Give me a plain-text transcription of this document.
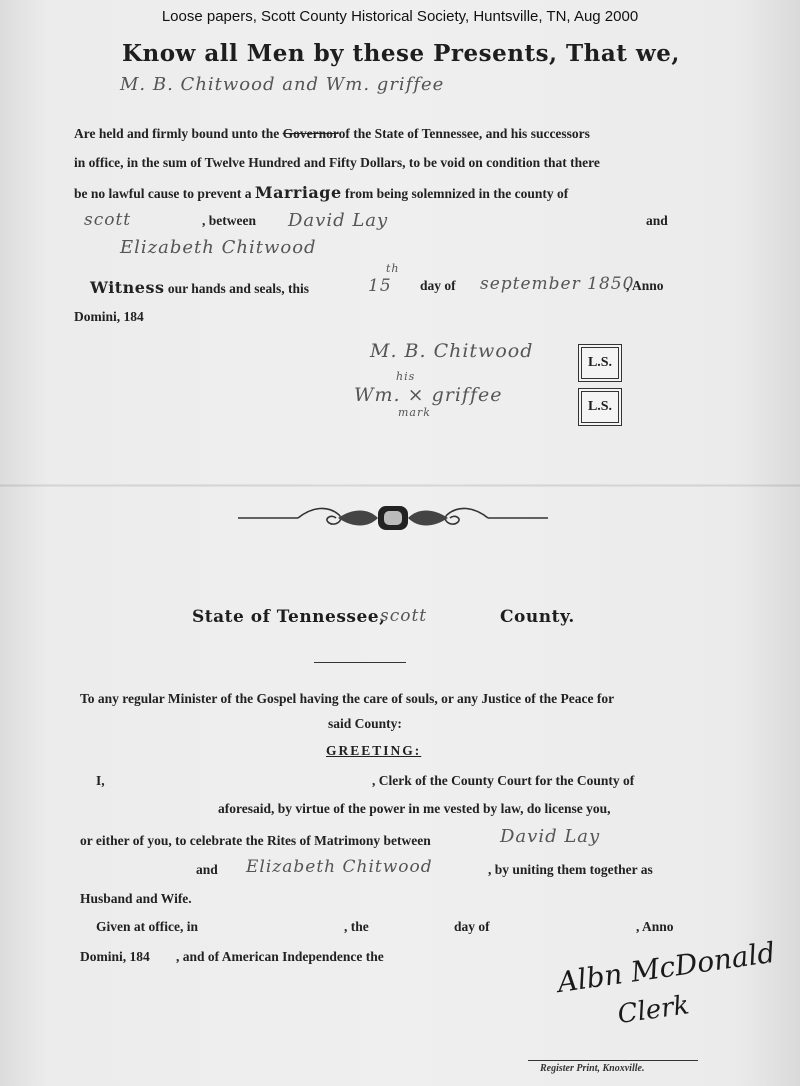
Loose papers, Scott County Historical Society, Huntsville, TN, Aug 2000
Know all Men by these Presents, That we,
M. B. Chitwood and Wm. griffee
Are held and firmly bound unto the Governorof the State of Tennessee, and his successors
in office, in the sum of Twelve Hundred and Fifty Dollars, to be void on condition that there
be no lawful cause to prevent a Marriage from being solemnized in the county of
scott	, between David Lay	and
Elizabeth Chitwood
Witness our hands and seals, this	15
th
day of september 1850
, Anno
Domini, 184
M. B. Chitwood
his
Wm. × griffee
mark
L.S.
L.S.
State of Tennessee,
scott	County.
To any regular Minister of the Gospel having the care of souls, or any Justice of the Peace for
said County:
GREETING:
I,	, Clerk of the County Court for the County of
aforesaid, by virtue of the power in me vested by law, do license you,
or either of you, to celebrate the Rites of Matrimony between	David Lay
and Elizabeth Chitwood	, by uniting them together as
Husband and Wife.
Given at office, in	, the	day of	, Anno
Domini, 184 , and of American Independence the	Albn McDonald
Clerk
Register Print, Knoxville.
